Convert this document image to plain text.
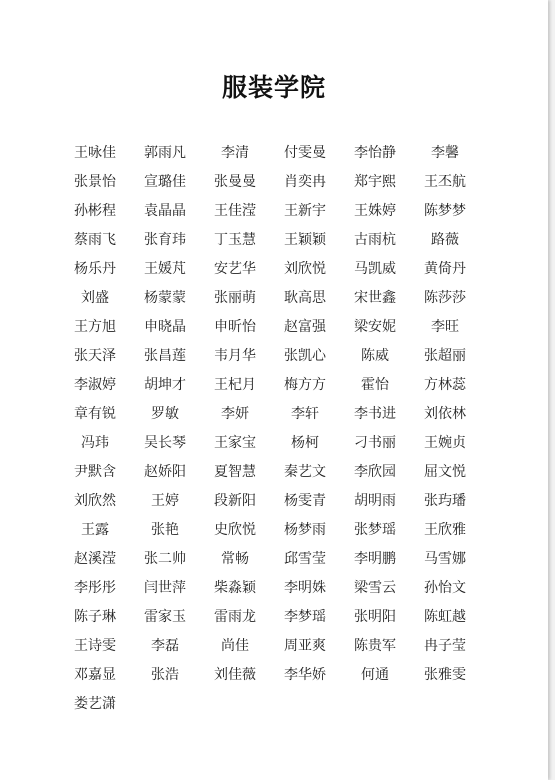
服装学院
王咏佳	郭雨凡	李清	付雯曼	李怡静	李馨
张景怡	宣璐佳	张曼曼	肖奕冉	郑宇熙	王丕航
孙彬程	袁晶晶	王佳滢	王新宇	王姝婷	陈梦梦
蔡雨飞	张育玮	丁玉慧	王颖颖	古雨杭	路薇
杨乐丹	王媛芃	安艺华	刘欣悦	马凯威	黄倚丹
刘盛	杨蒙蒙	张丽萌	耿高思	宋世鑫	陈莎莎
王方旭	申晓晶	申昕怡	赵富强	梁安妮	李旺
张天泽	张昌莲	韦月华	张凯心	陈威	张超丽
李淑婷	胡坤才	王杞月	梅方方	霍怡	方林蕊
章有锐	罗敏	李妍	李轩	李书进	刘依林
冯玮	吴长琴	王家宝	杨柯	刁书丽	王婉贞
尹默含	赵娇阳	夏智慧	秦艺文	李欣园	屈文悦
刘欣然	王婷	段新阳	杨雯青	胡明雨	张玙璠
王露	张艳	史欣悦	杨梦雨	张梦瑶	王欣雅
赵溪滢	张二帅	常畅	邱雪莹	李明鹏	马雪娜
李彤彤	闫世萍	柴淼颖	李明姝	梁雪云	孙怡文
陈子琳	雷家玉	雷雨龙	李梦瑶	张明阳	陈虹越
王诗雯	李磊	尚佳	周亚爽	陈贵军	冉子莹
邓嘉显	张浩	刘佳薇	李华娇	何通	张雅雯
娄艺潇
